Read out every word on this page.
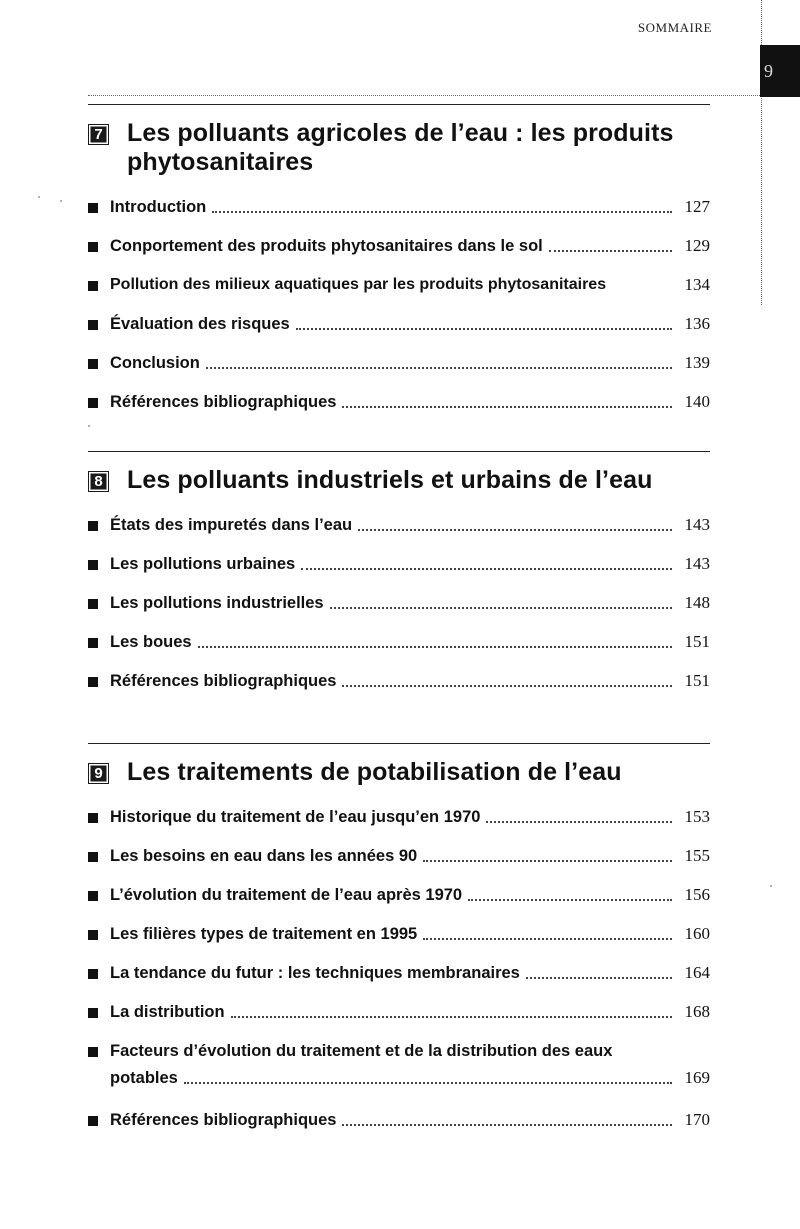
SOMMAIRE
9
7 Les polluants agricoles de l’eau : les produits phytosanitaires
Introduction	127
Conportement des produits phytosanitaires dans le sol	129
Pollution des milieux aquatiques par les produits phytosanitaires	134
Évaluation des risques	136
Conclusion	139
Références bibliographiques	140
8 Les polluants industriels et urbains de l’eau
États des impuretés dans l’eau	143
Les pollutions urbaines	143
Les pollutions industrielles	148
Les boues	151
Références bibliographiques	151
9 Les traitements de potabilisation de l’eau
Historique du traitement de l’eau jusqu’en 1970	153
Les besoins en eau dans les années 90	155
L’évolution du traitement de l’eau après 1970	156
Les filières types de traitement en 1995	160
La tendance du futur : les techniques membranaires	164
La distribution	168
Facteurs d’évolution du traitement et de la distribution des eaux
potables	169
Références bibliographiques	170
